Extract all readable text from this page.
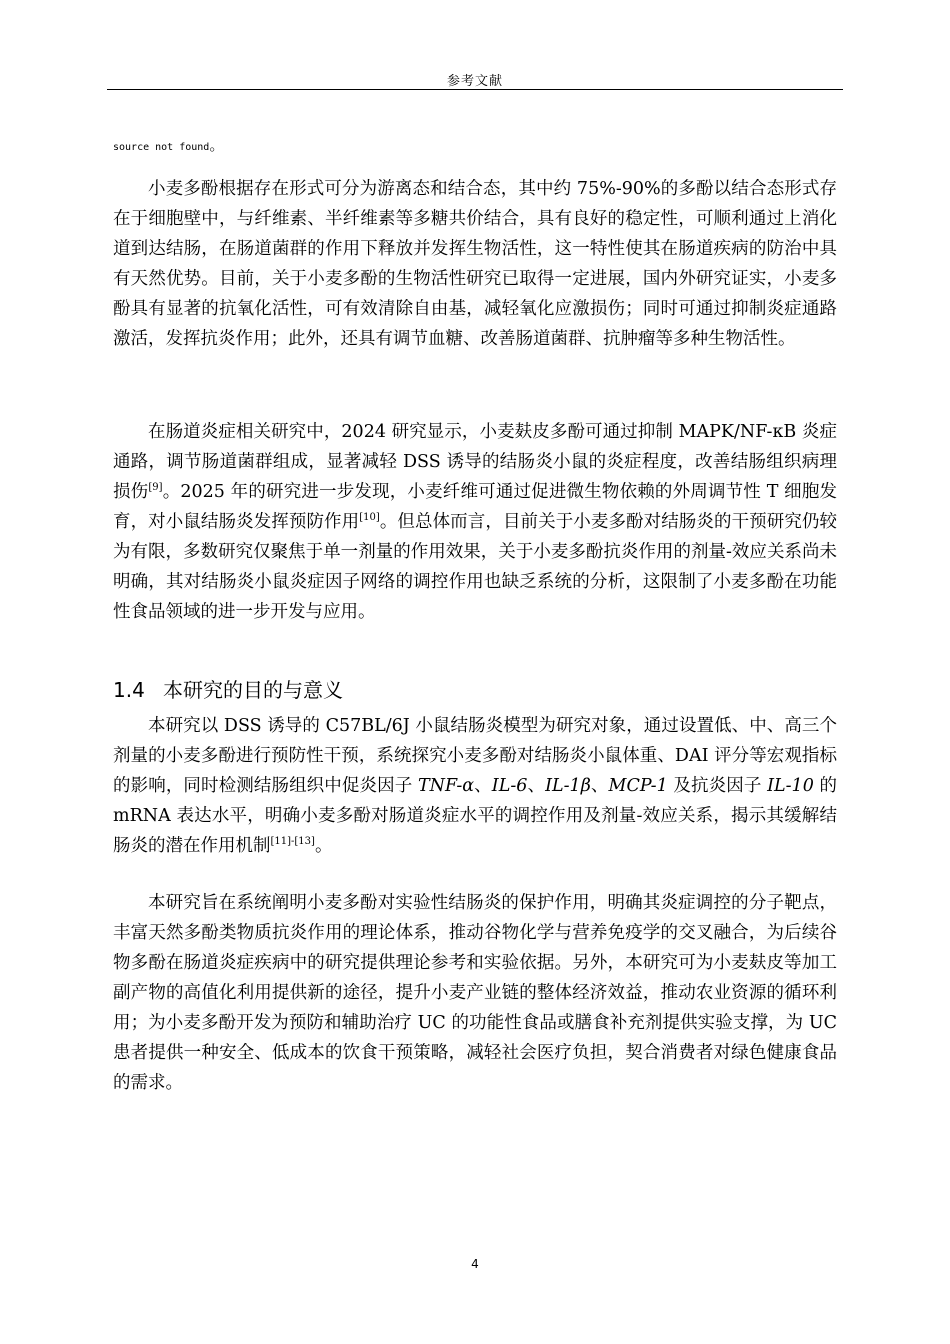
参考文献
source not found。

小麦多酚根据存在形式可分为游离态和结合态，其中约 75%-90%的多酚以结合态形式存在于细胞壁中，与纤维素、半纤维素等多糖共价结合，具有良好的稳定性，可顺利通过上消化道到达结肠，在肠道菌群的作用下释放并发挥生物活性，这一特性使其在肠道疾病的防治中具有天然优势。目前，关于小麦多酚的生物活性研究已取得一定进展，国内外研究证实，小麦多酚具有显著的抗氧化活性，可有效清除自由基，减轻氧化应激损伤；同时可通过抑制炎症通路激活，发挥抗炎作用；此外，还具有调节血糖、改善肠道菌群、抗肿瘤等多种生物活性。

在肠道炎症相关研究中，2024 研究显示，小麦麸皮多酚可通过抑制 MAPK/NF-κB 炎症通路，调节肠道菌群组成，显著减轻 DSS 诱导的结肠炎小鼠的炎症程度，改善结肠组织病理损伤[9]。2025 年的研究进一步发现，小麦纤维可通过促进微生物依赖的外周调节性 T 细胞发育，对小鼠结肠炎发挥预防作用[10]。但总体而言，目前关于小麦多酚对结肠炎的干预研究仍较为有限，多数研究仅聚焦于单一剂量的作用效果，关于小麦多酚抗炎作用的剂量-效应关系尚未明确，其对结肠炎小鼠炎症因子网络的调控作用也缺乏系统的分析，这限制了小麦多酚在功能性食品领域的进一步开发与应用。

1.4 本研究的目的与意义

本研究以 DSS 诱导的 C57BL/6J 小鼠结肠炎模型为研究对象，通过设置低、中、高三个剂量的小麦多酚进行预防性干预，系统探究小麦多酚对结肠炎小鼠体重、DAI 评分等宏观指标的影响，同时检测结肠组织中促炎因子 TNF-α、IL-6、IL-1β、MCP-1 及抗炎因子 IL-10 的 mRNA 表达水平，明确小麦多酚对肠道炎症水平的调控作用及剂量-效应关系，揭示其缓解结肠炎的潜在作用机制[11]-[13]。

本研究旨在系统阐明小麦多酚对实验性结肠炎的保护作用，明确其炎症调控的分子靶点，丰富天然多酚类物质抗炎作用的理论体系，推动谷物化学与营养免疫学的交叉融合，为后续谷物多酚在肠道炎症疾病中的研究提供理论参考和实验依据。另外，本研究可为小麦麸皮等加工副产物的高值化利用提供新的途径，提升小麦产业链的整体经济效益，推动农业资源的循环利用；为小麦多酚开发为预防和辅助治疗 UC 的功能性食品或膳食补充剂提供实验支撑，为 UC 患者提供一种安全、低成本的饮食干预策略，减轻社会医疗负担，契合消费者对绿色健康食品的需求。

4
